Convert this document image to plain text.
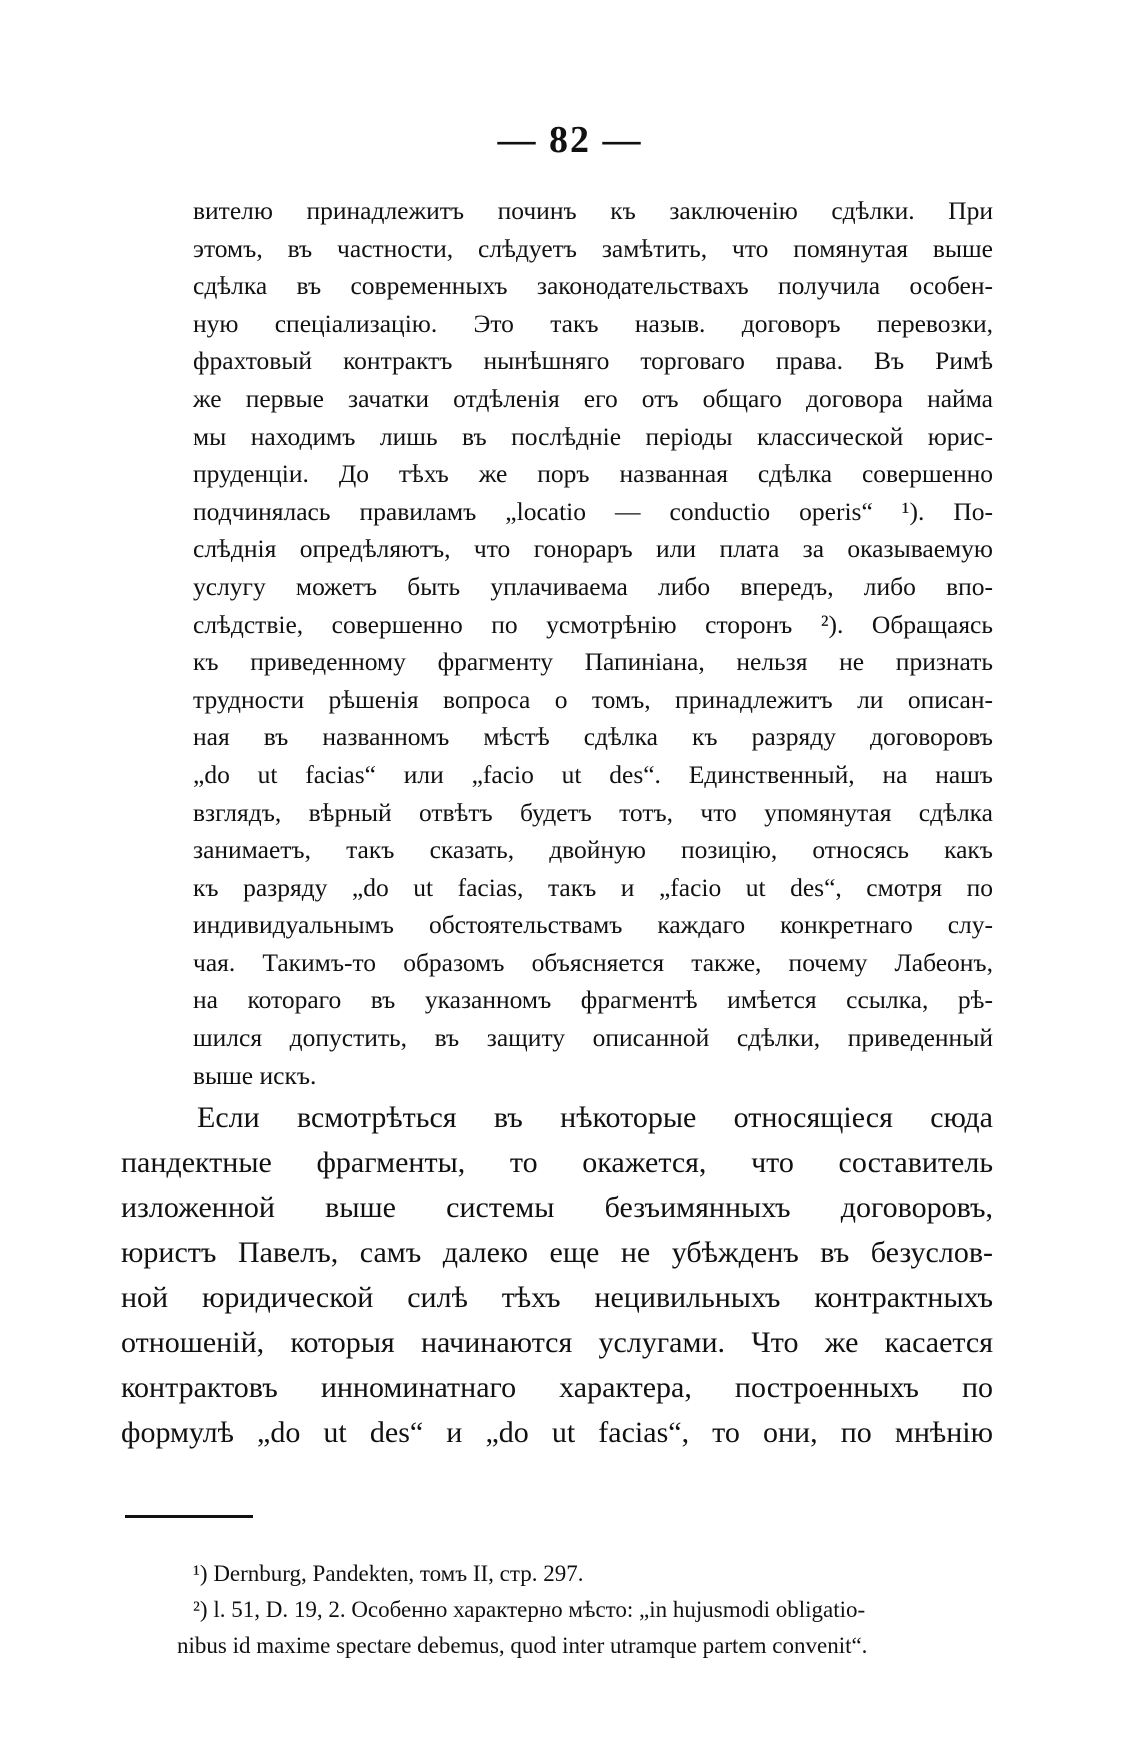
— 82 —
вителю принадлежитъ починъ къ заключенію сдѣлки. При
этомъ, въ частности, слѣдуетъ замѣтить, что помянутая выше
сдѣлка въ современныхъ законодательствахъ получила особен-
ную спеціализацію. Это такъ назыв. договоръ перевозки,
фрахтовый контрактъ нынѣшняго торговаго права. Въ Римѣ
же первые зачатки отдѣленія его отъ общаго договора найма
мы находимъ лишь въ послѣдніе періоды классической юрис-
пруденціи. До тѣхъ же поръ названная сдѣлка совершенно
подчинялась правиламъ „locatio — conductio operis“ ¹). По-
слѣднія опредѣляютъ, что гонораръ или плата за оказываемую
услугу можетъ быть уплачиваема либо впередъ, либо впо-
слѣдствіе, совершенно по усмотрѣнію сторонъ ²). Обращаясь
къ приведенному фрагменту Папиніана, нельзя не признать
трудности рѣшенія вопроса о томъ, принадлежитъ ли описан-
ная въ названномъ мѣстѣ сдѣлка къ разряду договоровъ
„do ut facias“ или „facio ut des“. Единственный, на нашъ
взглядъ, вѣрный отвѣтъ будетъ тотъ, что упомянутая сдѣлка
занимаетъ, такъ сказать, двойную позицію, относясь какъ
къ разряду „do ut facias, такъ и „facio ut des“, смотря по
индивидуальнымъ обстоятельствамъ каждаго конкретнаго слу-
чая. Такимъ-то образомъ объясняется также, почему Лабеонъ,
на котораго въ указанномъ фрагментѣ имѣется ссылка, рѣ-
шился допустить, въ защиту описанной сдѣлки, приведенный
выше искъ.
Если всмотрѣться въ нѣкоторые относящіеся сюда
пандектные фрагменты, то окажется, что составитель
изложенной выше системы безъимянныхъ договоровъ,
юристъ Павелъ, самъ далеко еще не убѣжденъ въ безуслов-
ной юридической силѣ тѣхъ нецивильныхъ контрактныхъ
отношеній, которыя начинаются услугами. Что же касается
контрактовъ инноминатнаго характера, построенныхъ по
формулѣ „do ut des“ и „do ut facias“, то они, по мнѣнію
¹) Dernburg, Pandekten, томъ II, стр. 297.
²) l. 51, D. 19, 2. Особенно характерно мѣсто: „in hujusmodi obligatio-
nibus id maxime spectare debemus, quod inter utramque partem convenit“.
